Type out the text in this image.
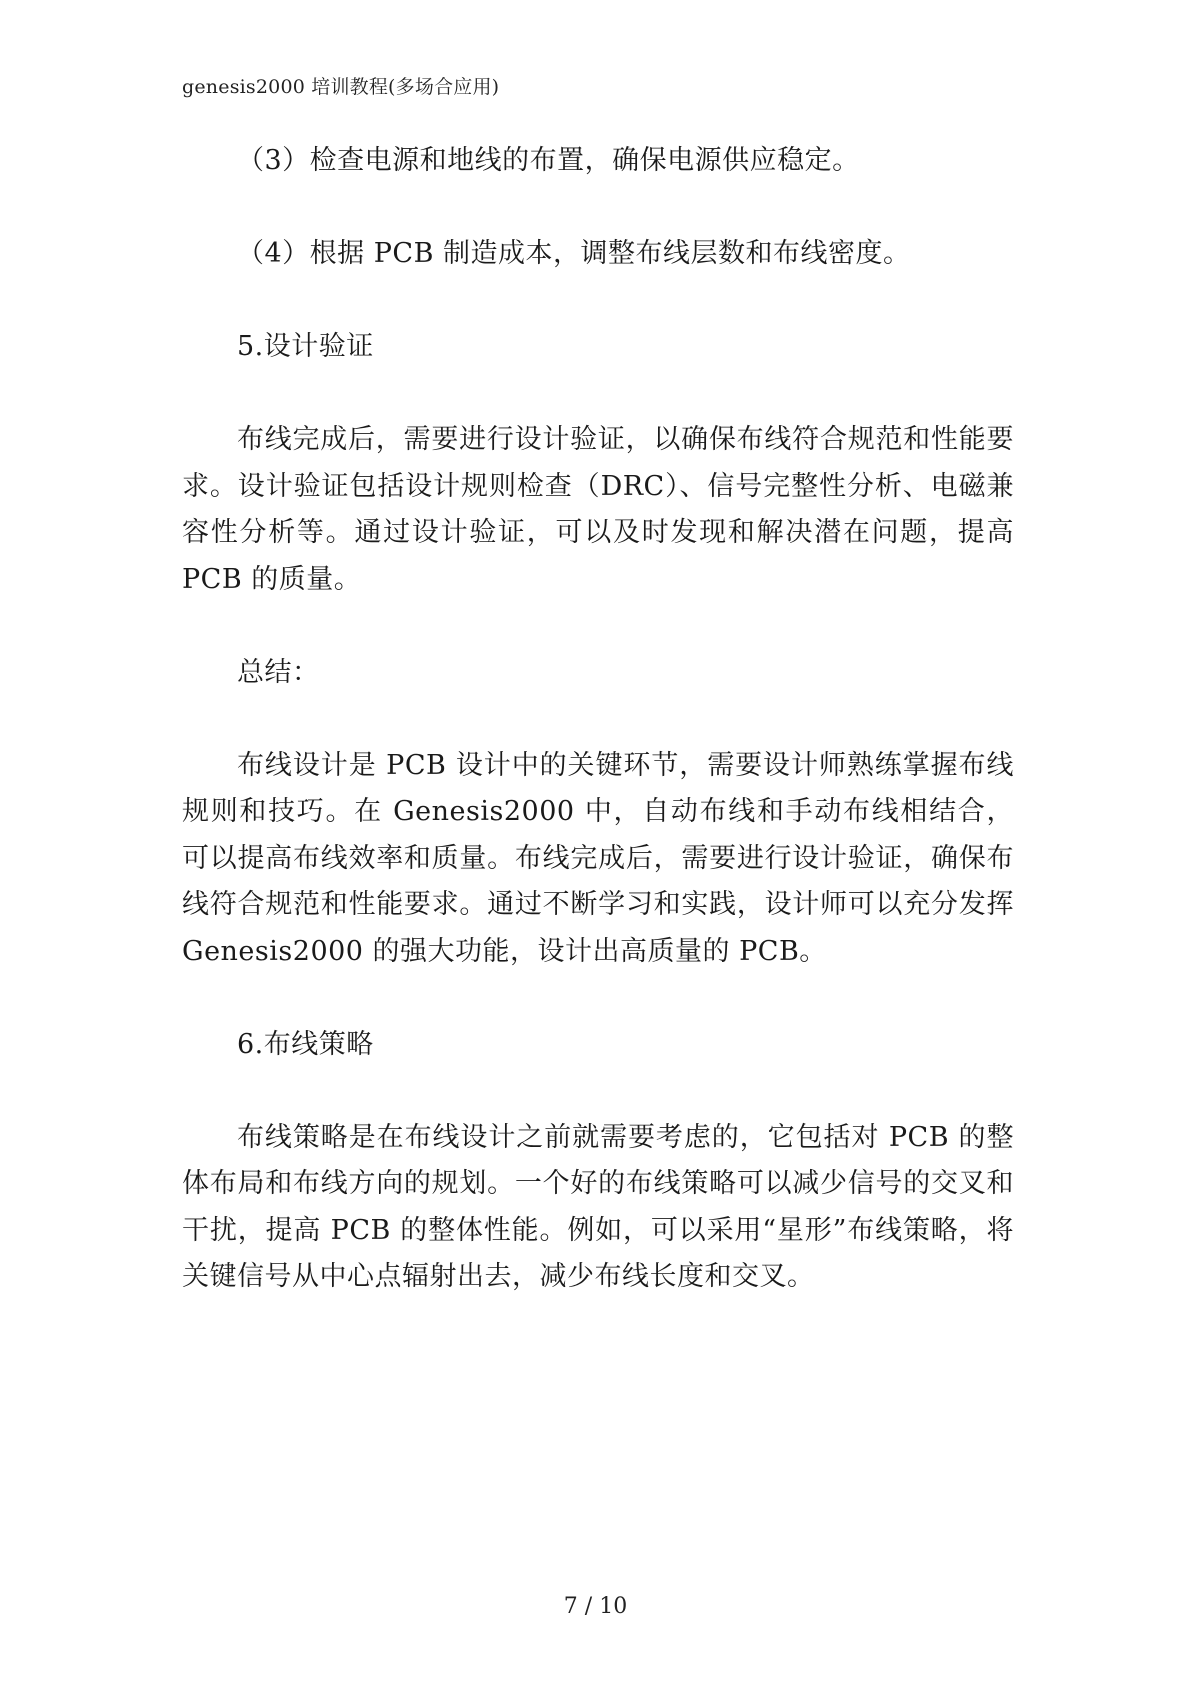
genesis2000 培训教程(多场合应用)

（3）检查电源和地线的布置，确保电源供应稳定。

（4）根据 PCB 制造成本，调整布线层数和布线密度。

5.设计验证

布线完成后，需要进行设计验证，以确保布线符合规范和性能要求。设计验证包括设计规则检查（DRC）、信号完整性分析、电磁兼容性分析等。通过设计验证，可以及时发现和解决潜在问题，提高 PCB 的质量。

总结：

布线设计是 PCB 设计中的关键环节，需要设计师熟练掌握布线规则和技巧。在 Genesis2000 中，自动布线和手动布线相结合，可以提高布线效率和质量。布线完成后，需要进行设计验证，确保布线符合规范和性能要求。通过不断学习和实践，设计师可以充分发挥 Genesis2000 的强大功能，设计出高质量的 PCB。

6.布线策略

布线策略是在布线设计之前就需要考虑的，它包括对 PCB 的整体布局和布线方向的规划。一个好的布线策略可以减少信号的交叉和干扰，提高 PCB 的整体性能。例如，可以采用“星形”布线策略，将关键信号从中心点辐射出去，减少布线长度和交叉。

7 / 10
